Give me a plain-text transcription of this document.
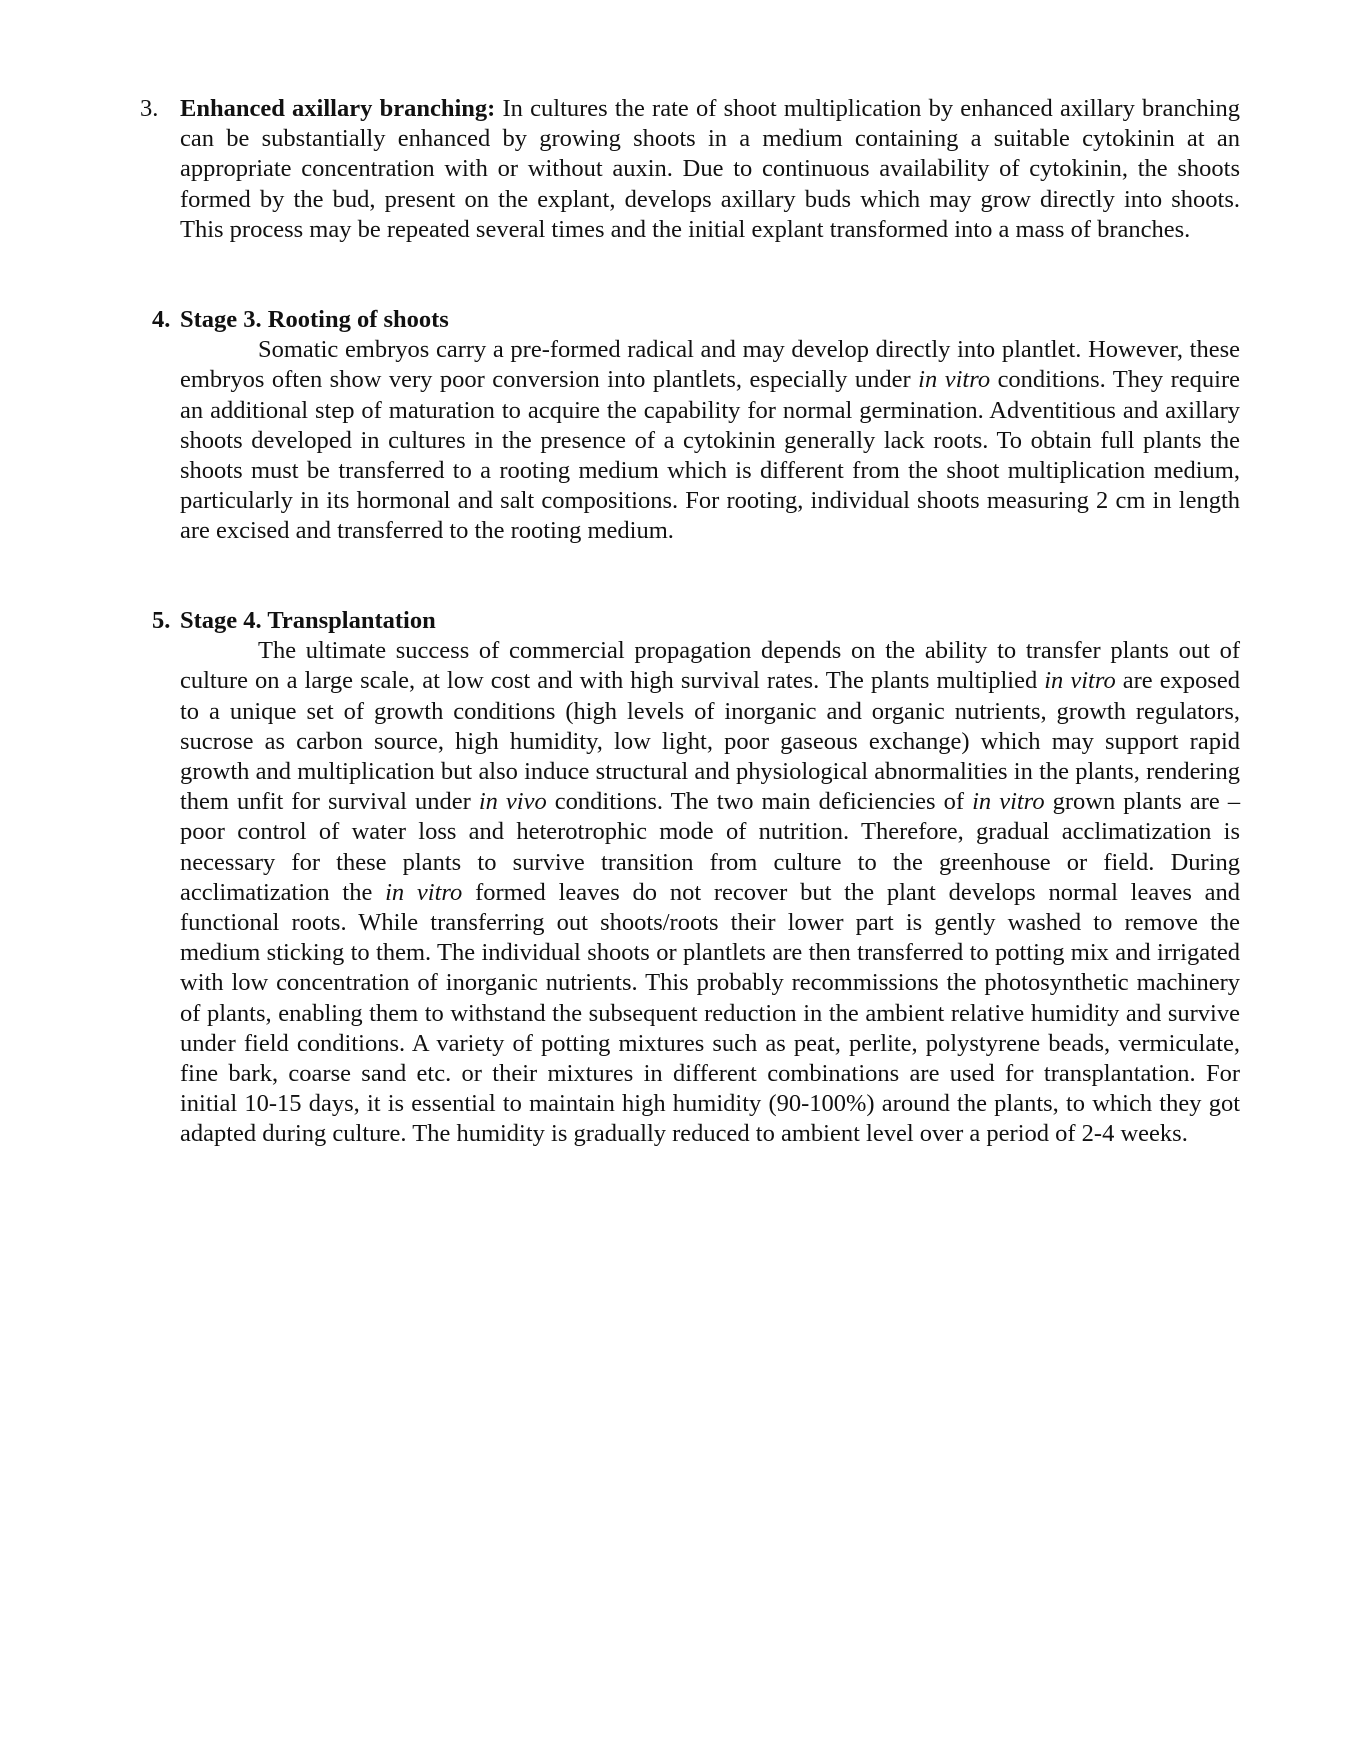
3. Enhanced axillary branching: In cultures the rate of shoot multiplication by enhanced axillary branching can be substantially enhanced by growing shoots in a medium containing a suitable cytokinin at an appropriate concentration with or without auxin. Due to continuous availability of cytokinin, the shoots formed by the bud, present on the explant, develops axillary buds which may grow directly into shoots. This process may be repeated several times and the initial explant transformed into a mass of branches.
4. Stage 3. Rooting of shoots
Somatic embryos carry a pre-formed radical and may develop directly into plantlet. However, these embryos often show very poor conversion into plantlets, especially under in vitro conditions. They require an additional step of maturation to acquire the capability for normal germination. Adventitious and axillary shoots developed in cultures in the presence of a cytokinin generally lack roots. To obtain full plants the shoots must be transferred to a rooting medium which is different from the shoot multiplication medium, particularly in its hormonal and salt compositions. For rooting, individual shoots measuring 2 cm in length are excised and transferred to the rooting medium.
5. Stage 4. Transplantation
The ultimate success of commercial propagation depends on the ability to transfer plants out of culture on a large scale, at low cost and with high survival rates. The plants multiplied in vitro are exposed to a unique set of growth conditions (high levels of inorganic and organic nutrients, growth regulators, sucrose as carbon source, high humidity, low light, poor gaseous exchange) which may support rapid growth and multiplication but also induce structural and physiological abnormalities in the plants, rendering them unfit for survival under in vivo conditions. The two main deficiencies of in vitro grown plants are – poor control of water loss and heterotrophic mode of nutrition. Therefore, gradual acclimatization is necessary for these plants to survive transition from culture to the greenhouse or field. During acclimatization the in vitro formed leaves do not recover but the plant develops normal leaves and functional roots. While transferring out shoots/roots their lower part is gently washed to remove the medium sticking to them. The individual shoots or plantlets are then transferred to potting mix and irrigated with low concentration of inorganic nutrients. This probably recommissions the photosynthetic machinery of plants, enabling them to withstand the subsequent reduction in the ambient relative humidity and survive under field conditions. A variety of potting mixtures such as peat, perlite, polystyrene beads, vermiculate, fine bark, coarse sand etc. or their mixtures in different combinations are used for transplantation. For initial 10-15 days, it is essential to maintain high humidity (90-100%) around the plants, to which they got adapted during culture. The humidity is gradually reduced to ambient level over a period of 2-4 weeks.
